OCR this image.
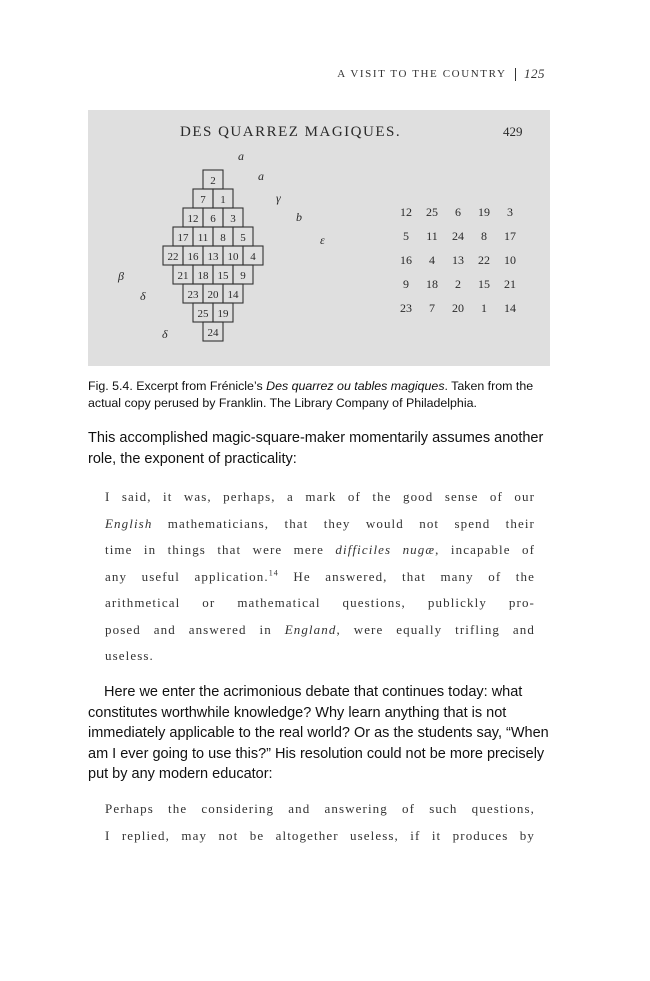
A VISIT TO THE COUNTRY 125
DES QUARREZ MAGIQUES.	429
2
7 1
12 6 3
17 11 8 5
22 16 13 10 4
21 18 15 9
23 20 14
25 19
24
12 25 6 19 3
5 11 24 8 17
16 4 13 22 10
9 18 2 15 21
23 7 20 1 14
a
a
γ
b
ε
β
δ
δ
Fig. 5.4. Excerpt from Frénicle’s Des quarrez ou tables magiques. Taken from the actual copy perused by Franklin. The Library Company of Philadelphia.
This accomplished magic-square-maker momentarily assumes another role, the exponent of practicality:
I said, it was, perhaps, a mark of the good sense of our
English mathematicians, that they would not spend their
time in things that were mere difficiles nugæ, incapable of
any useful application.$^{14}$ He answered, that many of the
arithmetical or mathematical questions, publickly pro-
posed and answered in England, were equally trifling and
useless.
Here we enter the acrimonious debate that continues today: what constitutes worthwhile knowledge? Why learn anything that is not immediately applicable to the real world? Or as the students say, “When am I ever going to use this?” His resolution could not be more precisely put by any modern educator:
Perhaps the considering and answering of such questions,
I replied, may not be altogether useless, if it produces by
